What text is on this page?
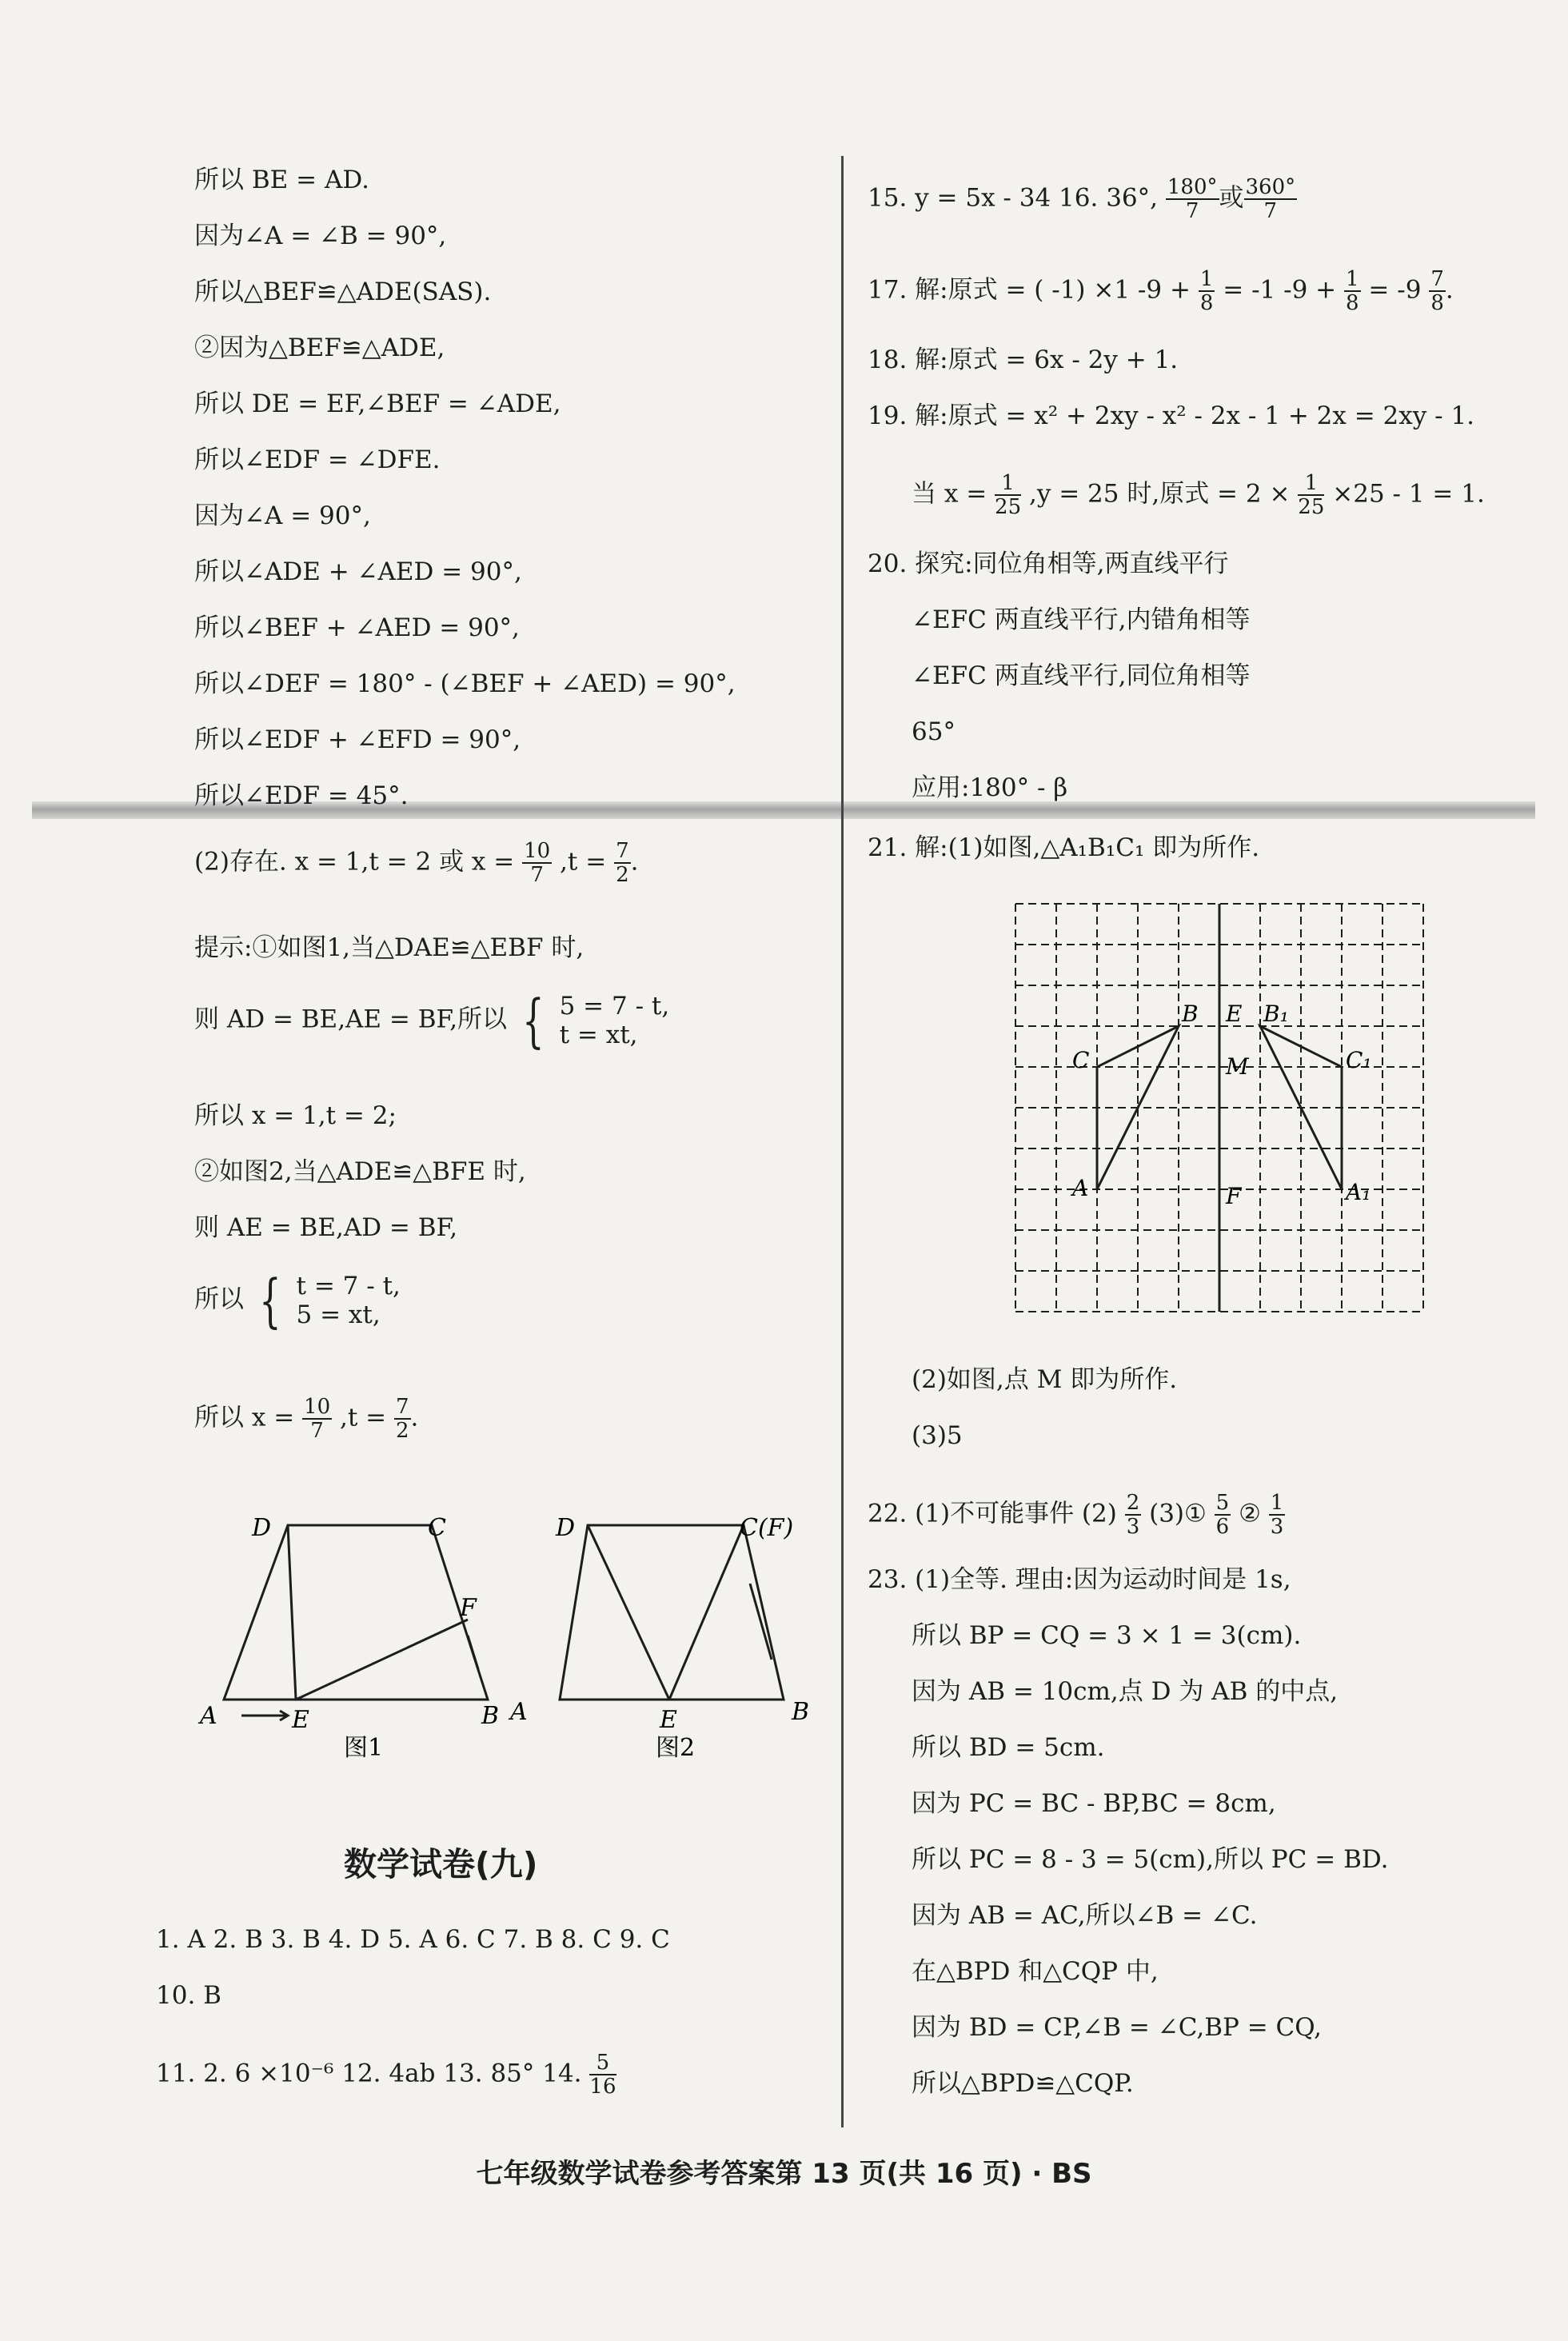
所以 BE = AD.
因为∠A = ∠B = 90°,
所以△BEF≌△ADE(SAS).
②因为△BEF≌△ADE,
所以 DE = EF,∠BEF = ∠ADE,
所以∠EDF = ∠DFE.
因为∠A = 90°,
所以∠ADE + ∠AED = 90°,
所以∠BEF + ∠AED = 90°,
所以∠DEF = 180° - (∠BEF + ∠AED) = 90°,
所以∠EDF + ∠EFD = 90°,
所以∠EDF = 45°.
(2)存在. x = 1,t = 2 或 $x = \frac{10}{7} ,t = \frac{7}{2}$ .
提示:①如图1,当△DAE≌△EBF 时,
则 AD = BE,AE = BF,所以 { 5 = 7 - t,
t = xt,
所以 x = 1,t = 2;
②如图2,当△ADE≌△BFE 时,
则 AE = BE,AD = BF,
所以 { t = 7 - t,
5 = xt,
所以 $x = \frac{10}{7} ,t = \frac{7}{2}$ .
D	C
F
A	E	B
图1
D	C(F)
A	E	B
图2
数学试卷(九)
1. A 2. B 3. B 4. D 5. A 6. C 7. B 8. C 9. C
10. B
11. 2. 6 ×10⁻⁶ 12. 4ab 13. 85° 14. $\frac{5}{16}$
15. y = 5x - 34 16. 36°, $\frac{180^\circ}{7}$ 或 $\frac{360^\circ}{7}$
17. 解:原式 = ( -1) ×1 $-9 + \frac{1}{8} = -1$ $-9 + \frac{1}{8} = -9 \frac{7}{8}$ .
18. 解:原式 = 6x - 2y + 1.
19. 解:原式 = x² + 2xy - x² - 2x - 1 + 2x = 2xy - 1.
当 $x = \frac{1}{25} ,y = 25$ 时,原式 = $2 \times \frac{1}{25} \times 25 - 1 = 1$.
20. 探究:同位角相等,两直线平行
∠EFC 两直线平行,内错角相等
∠EFC 两直线平行,同位角相等
65°
应用:180° - β
21. 解:(1)如图,△A₁B₁C₁ 即为所作.
B E B₁
C	M	C₁
A	F	A₁
(2)如图,点 M 即为所作.
(3)5
22. (1)不可能事件 $(2) \frac{2}{3}$ (3)① $\frac{5}{6}$ ② $\frac{1}{3}$
23. (1)全等. 理由:因为运动时间是 1s,
所以 BP = CQ = 3 × 1 = 3(cm).
因为 AB = 10cm,点 D 为 AB 的中点,
所以 BD = 5cm.
因为 PC = BC - BP,BC = 8cm,
所以 PC = 8 - 3 = 5(cm),所以 PC = BD.
因为 AB = AC,所以∠B = ∠C.
在△BPD 和△CQP 中,
因为 BD = CP,∠B = ∠C,BP = CQ,
所以△BPD≌△CQP.
七年级数学试卷参考答案第 13 页(共 16 页) · BS
